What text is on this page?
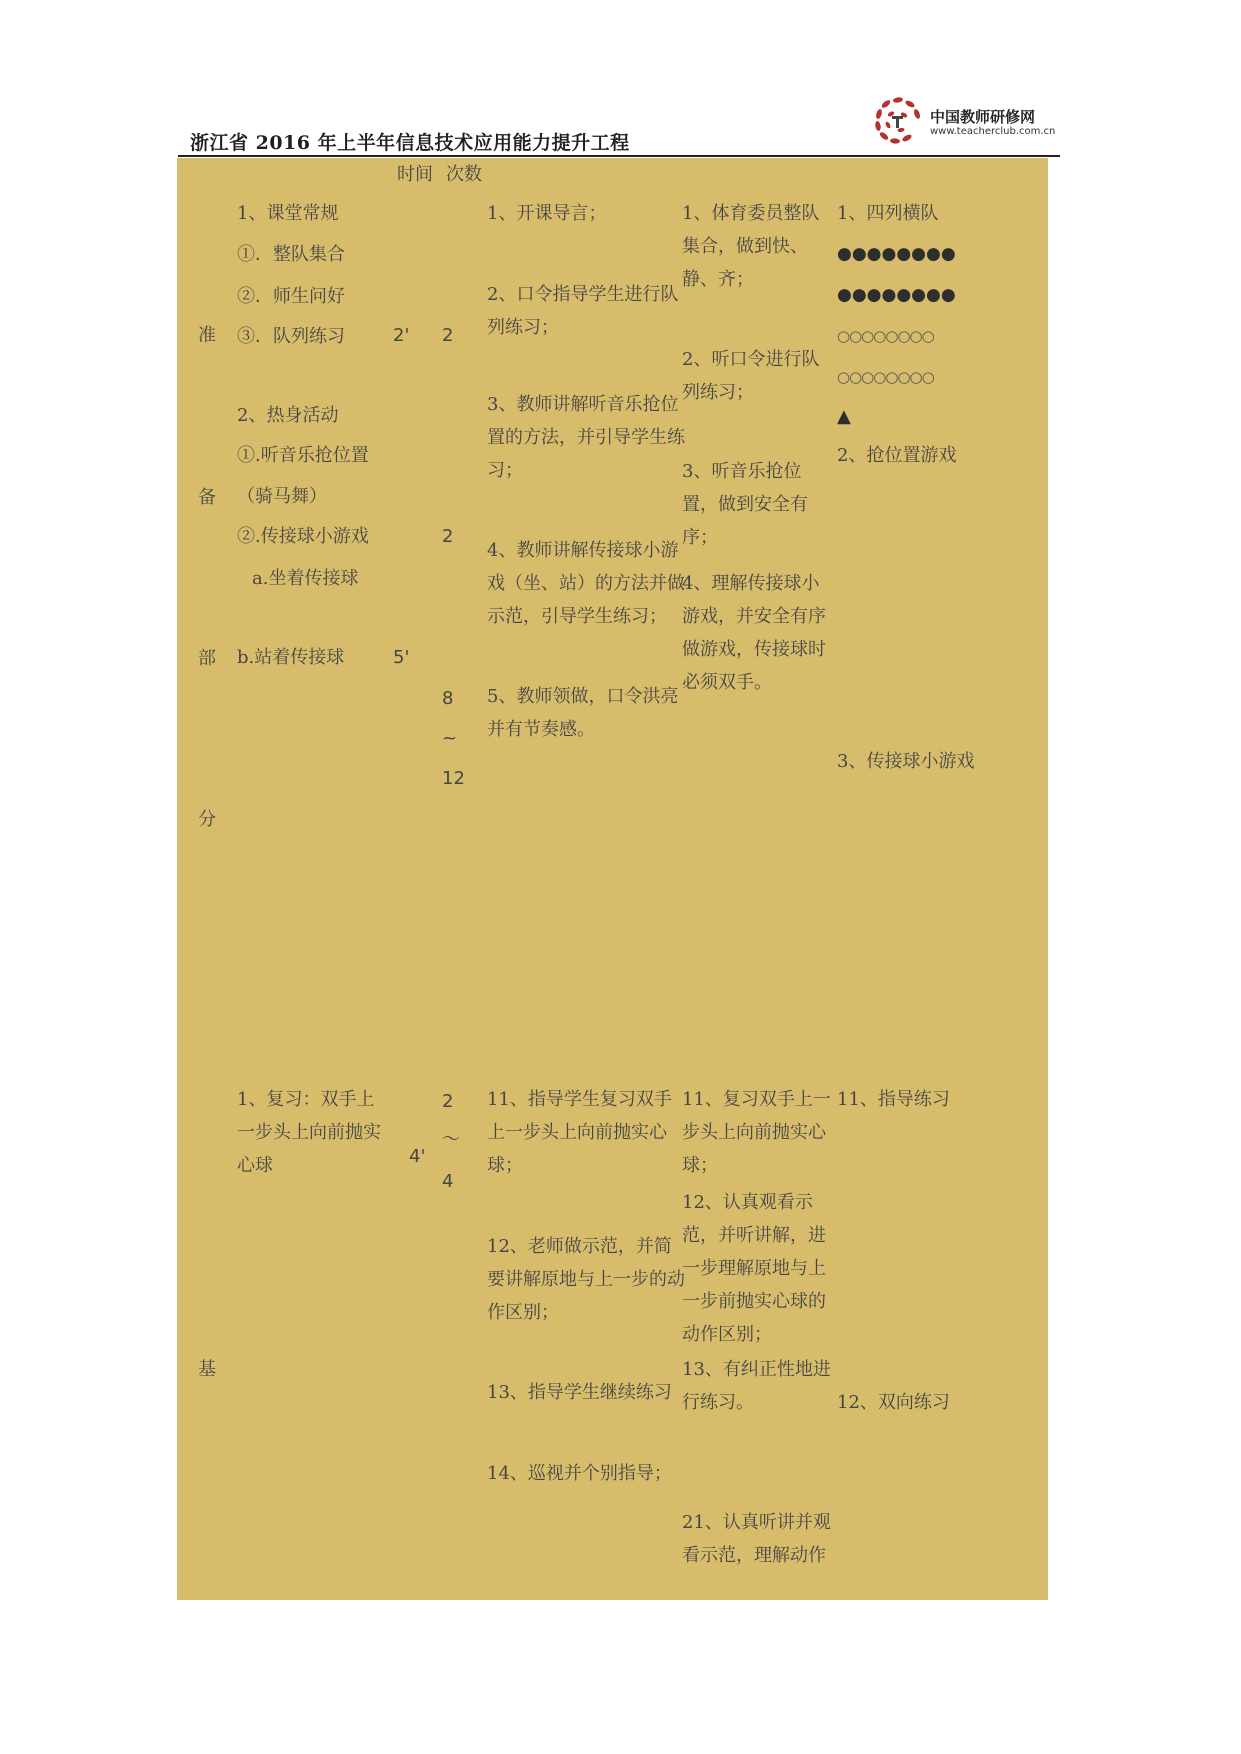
浙江省 2016 年上半年信息技术应用能力提升工程
中国教师研修网
www.teachercl‌ub.com.cn
时间 次数
准
备
部
分
基
1、课堂常规
①．整队集合
②．师生问好
③．队列练习
2、热身活动
①.听音乐抢位置
（骑马舞）
②.传接球小游戏
a.坐着传接球
b.站着传接球
1、复习：双手上一步头上向前抛实心球
2'
5'
4'
2
2
8
~
12
2
～
4
1、开课导言；
2、口令指导学生进行队列练习；
3、教师讲解听音乐抢位置的方法，并引导学生练习；
4、教师讲解传接球小游戏（坐、站）的方法并做示范，引导学生练习；
5、教师领做，口令洪亮并有节奏感。
11、指导学生复习双手上一步头上向前抛实心球；
12、老师做示范，并简要讲解原地与上一步的动作区别；
13、指导学生继续练习
14、巡视并个别指导；
1、体育委员整队集合，做到快、静、齐；
2、听口令进行队列练习；
3、听音乐抢位置，做到安全有序；
4、理解传接球小游戏，并安全有序做游戏，传接球时必须双手。
11、复习双手上一步头上向前抛实心球；
12、认真观看示范，并听讲解，进一步理解原地与上一步前抛实心球的动作区别；
13、有纠正性地进行练习。
21、认真听讲并观看示范，理解动作
1、四列横队
●●●●●●●●
●●●●●●●●
○○○○○○○○
○○○○○○○○
▲
2、抢位置游戏
3、传接球小游戏
11、指导练习
12、双向练习
